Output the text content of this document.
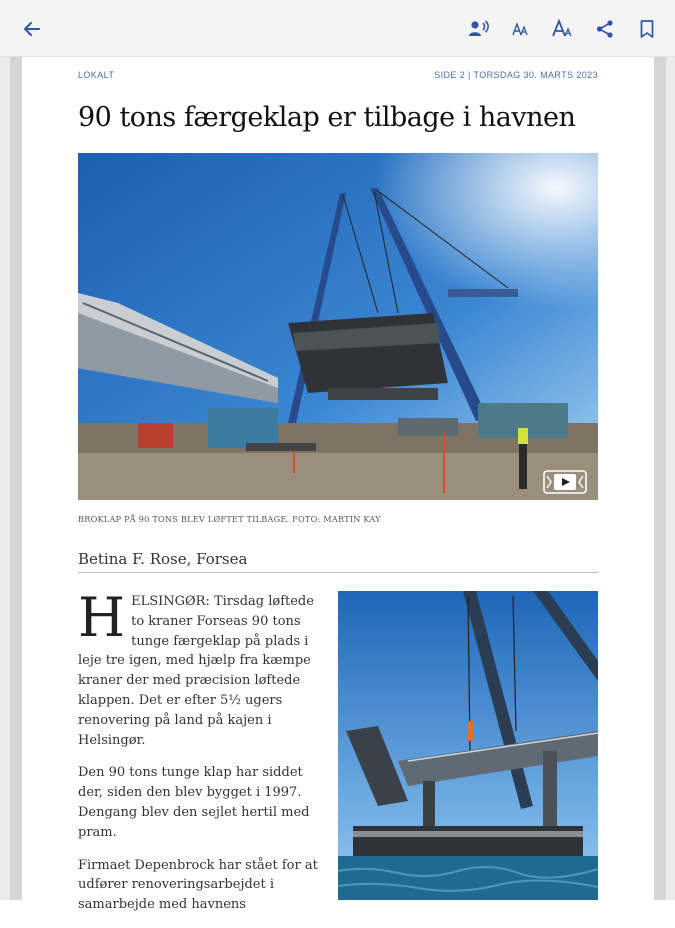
LOKALT	SIDE 2 | TORSDAG 30. MARTS 2023
90 tons færgeklap er tilbage i havnen
BROKLAP PÅ 90 TONS BLEV LØFTET TILBAGE. FOTO: MARTIN KAY
Betina F. Rose, Forsea

HELSINGØR: Tirsdag løftede to kraner Forseas 90 tons tunge færgeklap på plads i leje tre igen, med hjælp fra kæmpe kraner der med præcision løftede klappen. Det er efter 5½ ugers renovering på land på kajen i Helsingør.

Den 90 tons tunge klap har siddet der, siden den blev bygget i 1997. Dengang blev den sejlet hertil med pram.

Firmaet Depenbrock har stået for at udfører renoveringsarbejdet i samarbejde med havnens
